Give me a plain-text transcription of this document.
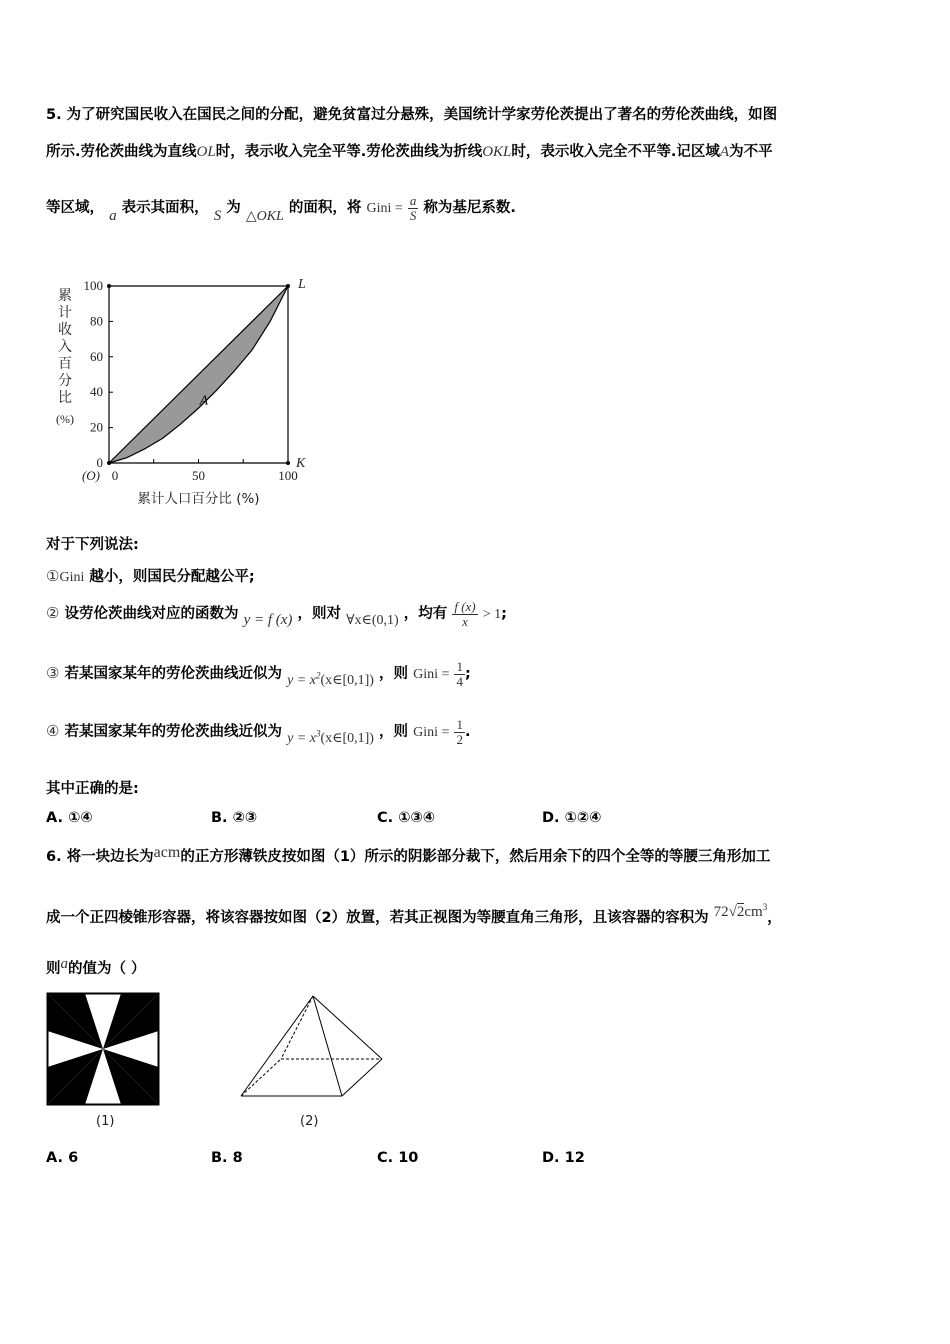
5. 为了研究国民收入在国民之间的分配，避免贫富过分悬殊，美国统计学家劳伦茨提出了著名的劳伦茨曲线，如图
所示.劳伦茨曲线为直线OL时，表示收入完全平等.劳伦茨曲线为折线OKL时，表示收入完全不平等.记区域A为不平
等区域， a 表示其面积， S 为 △OKL 的面积，将 Gini = $\frac{a}{S}$ 称为基尼系数.
0
20
40
60
80
100
0	50	100
(O)
L
K
A
累计人口百分比 (%)
累
计
收
入
百
分
比
(%)
对于下列说法:
①Gini 越小，则国民分配越公平;
② 设劳伦茨曲线对应的函数为 y = f (x) ，则对 ∀x∈(0,1) ，均有 $\frac{f (x)}{x} > 1$;
③ 若某国家某年的劳伦茨曲线近似为 $y = x^2(x\in[0,1])$ ，则 Gini = $\frac{1}{4}$ ;
④ 若某国家某年的劳伦茨曲线近似为 $y = x^3(x\in[0,1])$ ，则 Gini = $\frac{1}{2}$ .
其中正确的是:
A. ①④	B. ②③	C. ①③④	D. ①②④
6. 将一块边长为acm的正方形薄铁皮按如图（1）所示的阴影部分裁下，然后用余下的四个全等的等腰三角形加工
成一个正四棱锥形容器，将该容器按如图（2）放置，若其正视图为等腰直角三角形，且该容器的容积为 $72√2cm^3$，
则a的值为（ ）
(1)	(2)
A. 6	B. 8	C. 10	D. 12
